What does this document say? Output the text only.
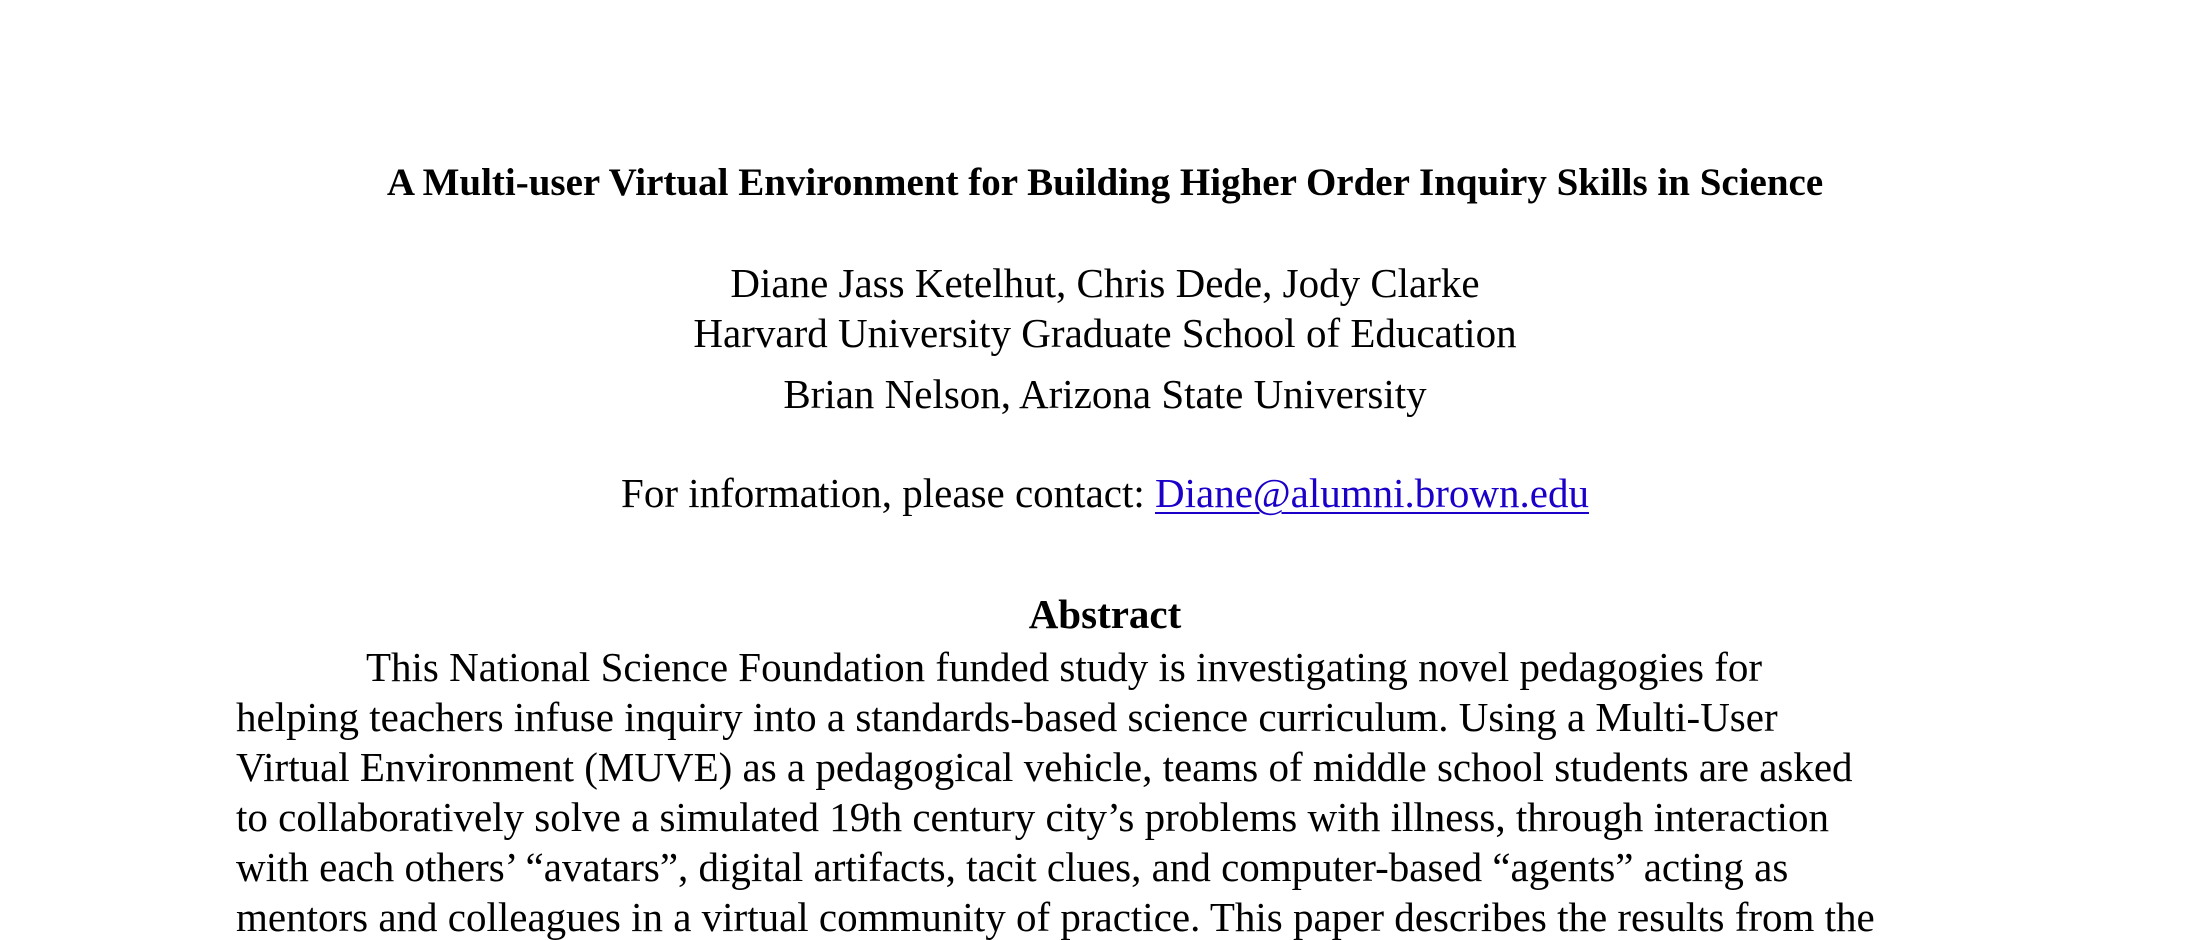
A Multi-user Virtual Environment for Building Higher Order Inquiry Skills in Science
Diane Jass Ketelhut, Chris Dede, Jody Clarke
Harvard University Graduate School of Education
Brian Nelson, Arizona State University
For information, please contact: Diane@alumni.brown.edu
Abstract
This National Science Foundation funded study is investigating novel pedagogies for
helping teachers infuse inquiry into a standards-based science curriculum. Using a Multi-User
Virtual Environment (MUVE) as a pedagogical vehicle, teams of middle school students are asked
to collaboratively solve a simulated 19th century city’s problems with illness, through interaction
with each others’ “avatars”, digital artifacts, tacit clues, and computer-based “agents” acting as
mentors and colleagues in a virtual community of practice. This paper describes the results from the
